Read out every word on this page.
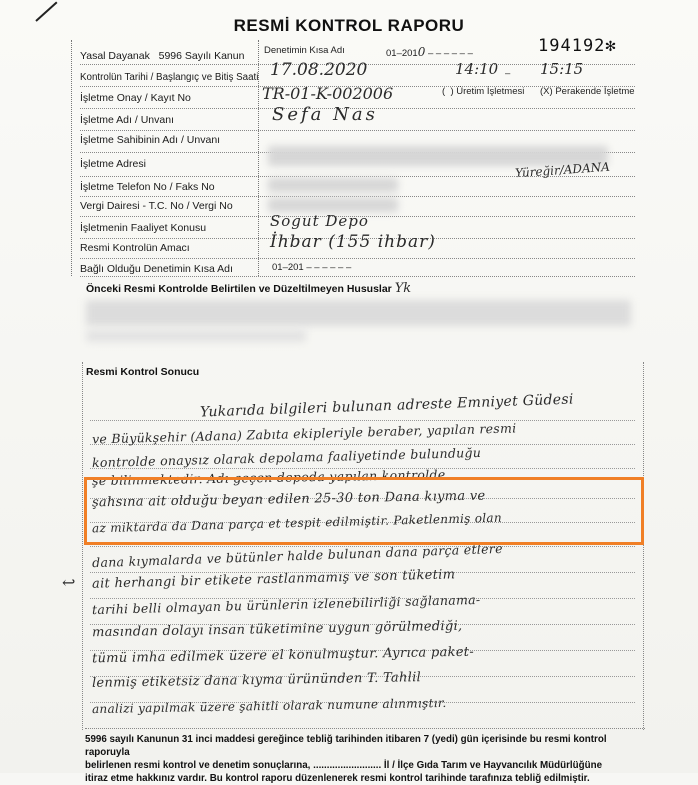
RESMİ KONTROL RAPORU
Yasal Dayanak 5996 Sayılı Kanun Denetimin Kısa Adı	01–2010 – – – – – –	194192✻
Kontrolün Tarihi / Başlangıç ve Bitiş Saati 17.08.2020	14:10 – 15:15
İşletme Onay / Kayıt No	TR-01-K-002006	(  ) Üretim İşletmesi (X) Perakende İşletme
İşletme Adı / Unvanı	Sefa Nas
İşletme Sahibinin Adı / Unvanı
İşletme Adresi	Yüreğir/ADANA
İşletme Telefon No / Faks No
Vergi Dairesi - T.C. No / Vergi No
İşletmenin Faaliyet Konusu	Sogut Depo
Resmi Kontrolün Amacı	İhbar (155 ihbar)
Bağlı Olduğu Denetimin Kısa Adı	01–201 – – – – – –
Önceki Resmi Kontrolde Belirtilen ve Düzeltilmeyen Hususlar Yk
Resmi Kontrol Sonucu
Yukarıda bilgileri bulunan adreste Emniyet Güdesi
ve Büyükşehir (Adana) Zabıta ekipleriyle beraber, yapılan resmi
kontrolde onaysız olarak depolama faaliyetinde bulunduğu
şe bilinmektedir. Adı geçen depoda yapılan kontrolde
şahsına ait olduğu beyan edilen 25-30 ton Dana kıyma ve
az miktarda da Dana parça et tespit edilmiştir. Paketlenmiş olan
dana kıymalarda ve bütünler halde bulunan dana parça etlere
ait herhangi bir etikete rastlanmamış ve son tüketim
tarihi belli olmayan bu ürünlerin izlenebilirliği sağlanama-
masından dolayı insan tüketimine uygun görülmediği,
tümü imha edilmek üzere el konulmuştur. Ayrıca paket-
lenmiş etiketsiz dana kıyma ürününden T. Tahlil
analizi yapılmak üzere şahitli olarak numune alınmıştır.
↩
5996 sayılı Kanunun 31 inci maddesi gereğince tebliğ tarihinden itibaren 7 (yedi) gün içerisinde bu resmi kontrol raporuyla
belirlenen resmi kontrol ve denetim sonuçlarına, ......................... İl / İlçe Gıda Tarım ve Hayvancılık Müdürlüğüne
itiraz etme hakkınız vardır. Bu kontrol raporu düzenlenerek resmi kontrol tarihinde tarafınıza tebliğ edilmiştir.
